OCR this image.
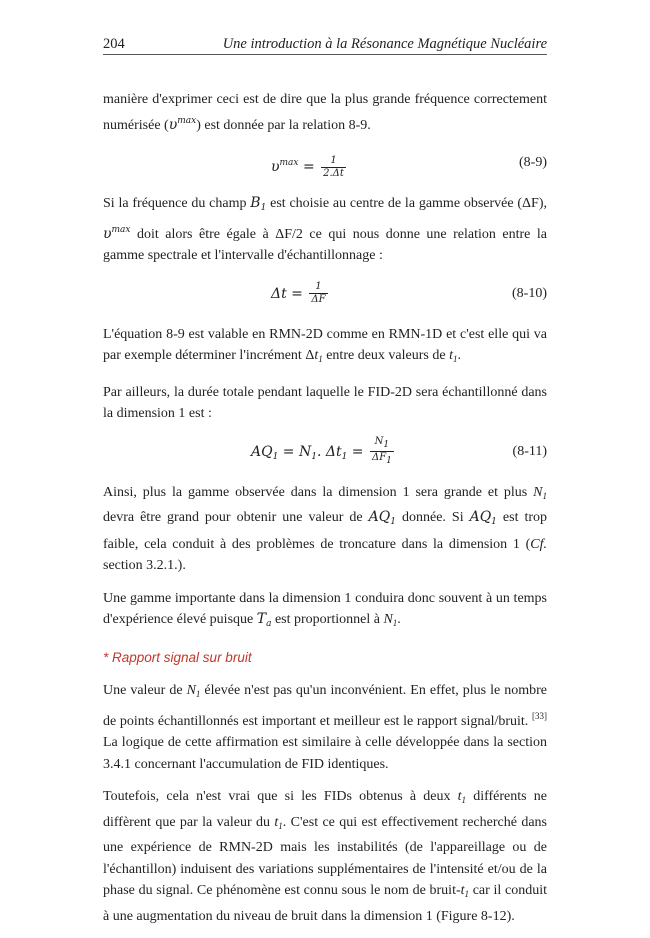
204	Une introduction à la Résonance Magnétique Nucléaire

manière d'exprimer ceci est de dire que la plus grande fréquence correctement numérisée $(\upsilon^{max})$ est donnée par la relation 8-9.

$\upsilon^{max} = \frac{1}{2.\Delta t}$	(8-9)

Si la fréquence du champ $B_1$ est choisie au centre de la gamme observée (ΔF), $\upsilon^{max}$ doit alors être égale à ΔF/2 ce qui nous donne une relation entre la gamme spectrale et l'intervalle d'échantillonnage :

$\Delta t = \frac{1}{\Delta F}$	(8-10)

L'équation 8-9 est valable en RMN-2D comme en RMN-1D et c'est elle qui va par exemple déterminer l'incrément $\Delta t_1$ entre deux valeurs de $t_1$.

Par ailleurs, la durée totale pendant laquelle le FID-2D sera échantillonné dans la dimension 1 est :

$AQ_1 = N_1$. $\Delta t_1 = \frac{N1}{\Delta F1}$	(8-11)

Ainsi, plus la gamme observée dans la dimension 1 sera grande et plus $N_1$ devra être grand pour obtenir une valeur de $AQ_1$ donnée. Si $AQ_1$ est trop faible, cela conduit à des problèmes de troncature dans la dimension 1 (Cf. section 3.2.1.).

Une gamme importante dans la dimension 1 conduira donc souvent à un temps d'expérience élevé puisque $T_a$ est proportionnel à $N_1$.

* Rapport signal sur bruit

Une valeur de $N_1$ élevée n'est pas qu'un inconvénient. En effet, plus le nombre de points échantillonnés est important et meilleur est le rapport signal/bruit. [33] La logique de cette affirmation est similaire à celle développée dans la section 3.4.1 concernant l'accumulation de FID identiques.

Toutefois, cela n'est vrai que si les FIDs obtenus à deux $t_1$ différents ne diffèrent que par la valeur du $t_1$. C'est ce qui est effectivement recherché dans une expérience de RMN-2D mais les instabilités (de l'appareillage ou de l'échantillon) induisent des variations supplémentaires de l'intensité et/ou de la phase du signal. Ce phénomène est connu sous le nom de bruit-$t_1$ car il conduit à une augmentation du niveau de bruit dans la dimension 1 (Figure 8-12).
